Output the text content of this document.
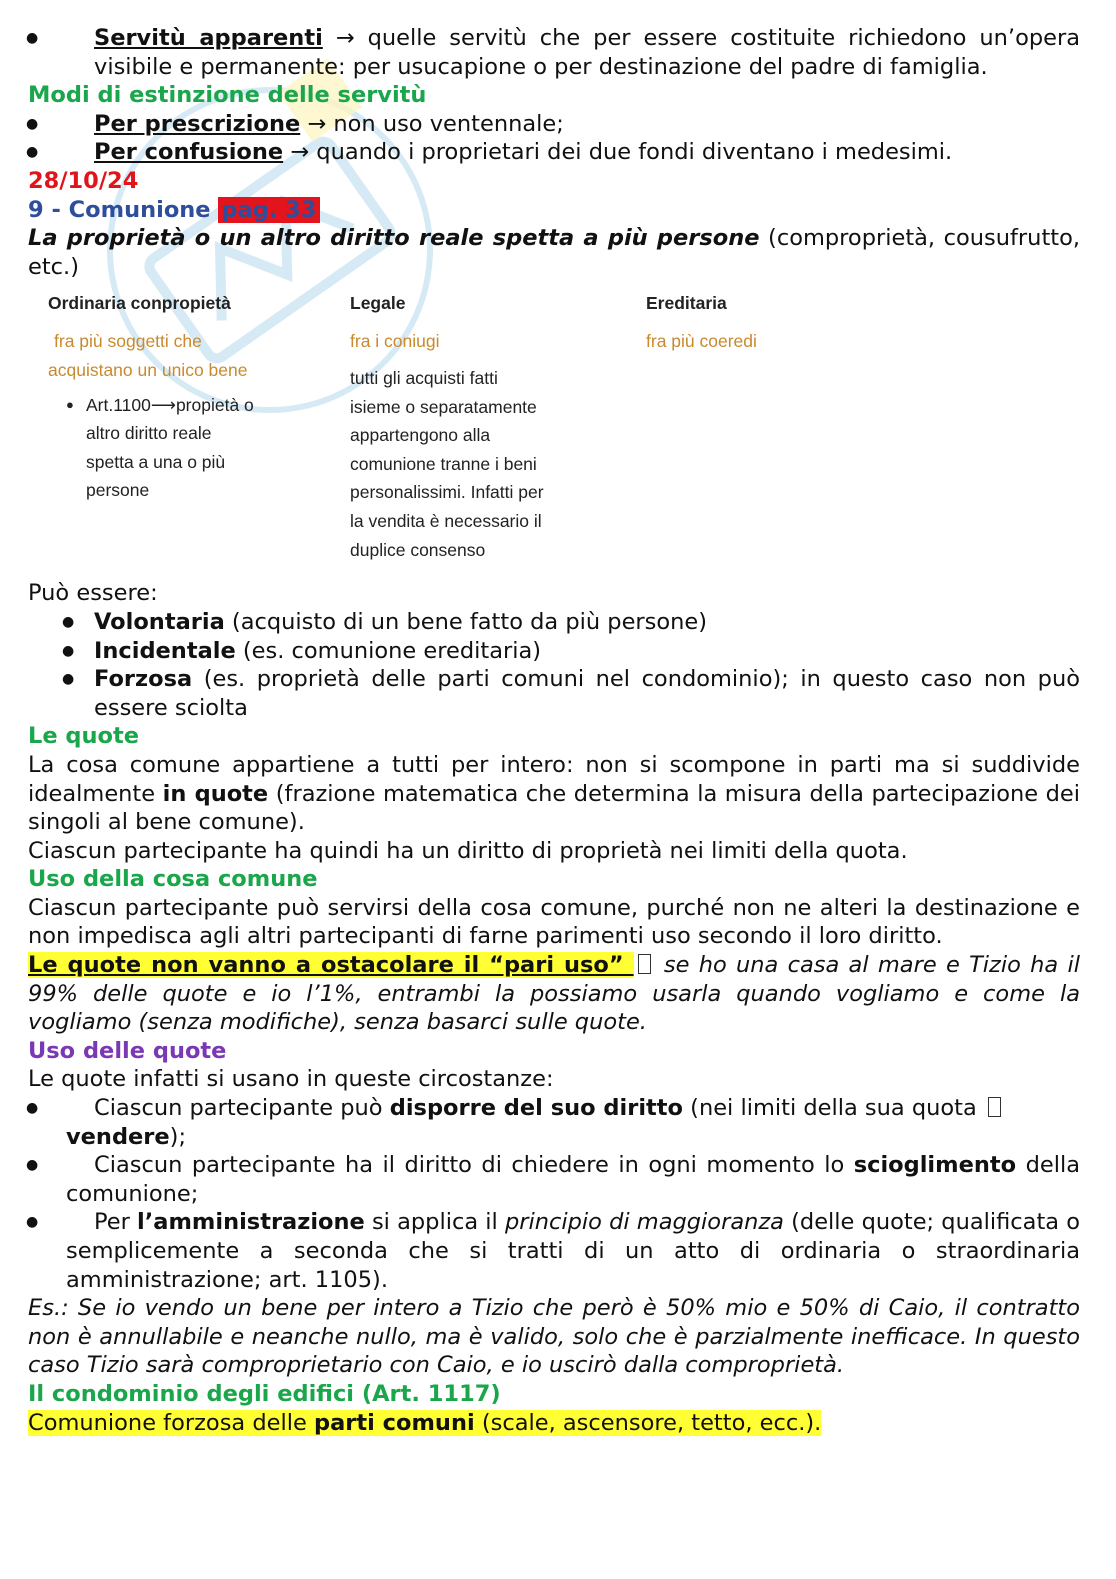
● Servitù apparenti → quelle servitù che per essere costituite richiedono un’opera visibile e permanente: per usucapione o per destinazione del padre di famiglia.

Modi di estinzione delle servitù

● Per prescrizione → non uso ventennale;
● Per confusione → quando i proprietari dei due fondi diventano i medesimi.

28/10/24

9 - Comunione pag. 33

La proprietà o un altro diritto reale spetta a più persone (comproprietà, cousufrutto, etc.)

Ordinaria conpropietà
fra più soggetti che
acquistano un unico bene
● Art.1100⟶propietà o
altro diritto reale
spetta a una o più
persone
Legale
fra i coniugi
tutti gli acquisti fatti
isieme o separatamente
appartengono alla
comunione tranne i beni
personalissimi. Infatti per
la vendita è necessario il
duplice consenso
Ereditaria
fra più coeredi

Può essere:

● Volontaria (acquisto di un bene fatto da più persone)
● Incidentale (es. comunione ereditaria)
● Forzosa (es. proprietà delle parti comuni nel condominio); in questo caso non può essere sciolta

Le quote

La cosa comune appartiene a tutti per intero: non si scompone in parti ma si suddivide idealmente in quote (frazione matematica che determina la misura della partecipazione dei singoli al bene comune).

Ciascun partecipante ha quindi ha un diritto di proprietà nei limiti della quota.

Uso della cosa comune

Ciascun partecipante può servirsi della cosa comune, purché non ne alteri la destinazione e non impedisca agli altri partecipanti di farne parimenti uso secondo il loro diritto.

Le quote non vanno a ostacolare il “pari uso”  se ho una casa al mare e Tizio ha il 99% delle quote e io l’1%, entrambi la possiamo usarla quando vogliamo e come la vogliamo (senza modifiche), senza basarci sulle quote.

Uso delle quote

Le quote infatti si usano in queste circostanze:

● Ciascun partecipante può disporre del suo diritto (nei limiti della sua quota vendere);
● Ciascun partecipante ha il diritto di chiedere in ogni momento lo scioglimento della comunione;
● Per l’amministrazione si applica il principio di maggioranza (delle quote; qualificata o semplicemente a seconda che si tratti di un atto di ordinaria o straordinaria amministrazione; art. 1105).

Es.: Se io vendo un bene per intero a Tizio che però è 50% mio e 50% di Caio, il contratto non è annullabile e neanche nullo, ma è valido, solo che è parzialmente inefficace. In questo caso Tizio sarà comproprietario con Caio, e io uscirò dalla comproprietà.

Il condominio degli edifici (Art. 1117)

Comunione forzosa delle parti comuni (scale, ascensore, tetto, ecc.).
